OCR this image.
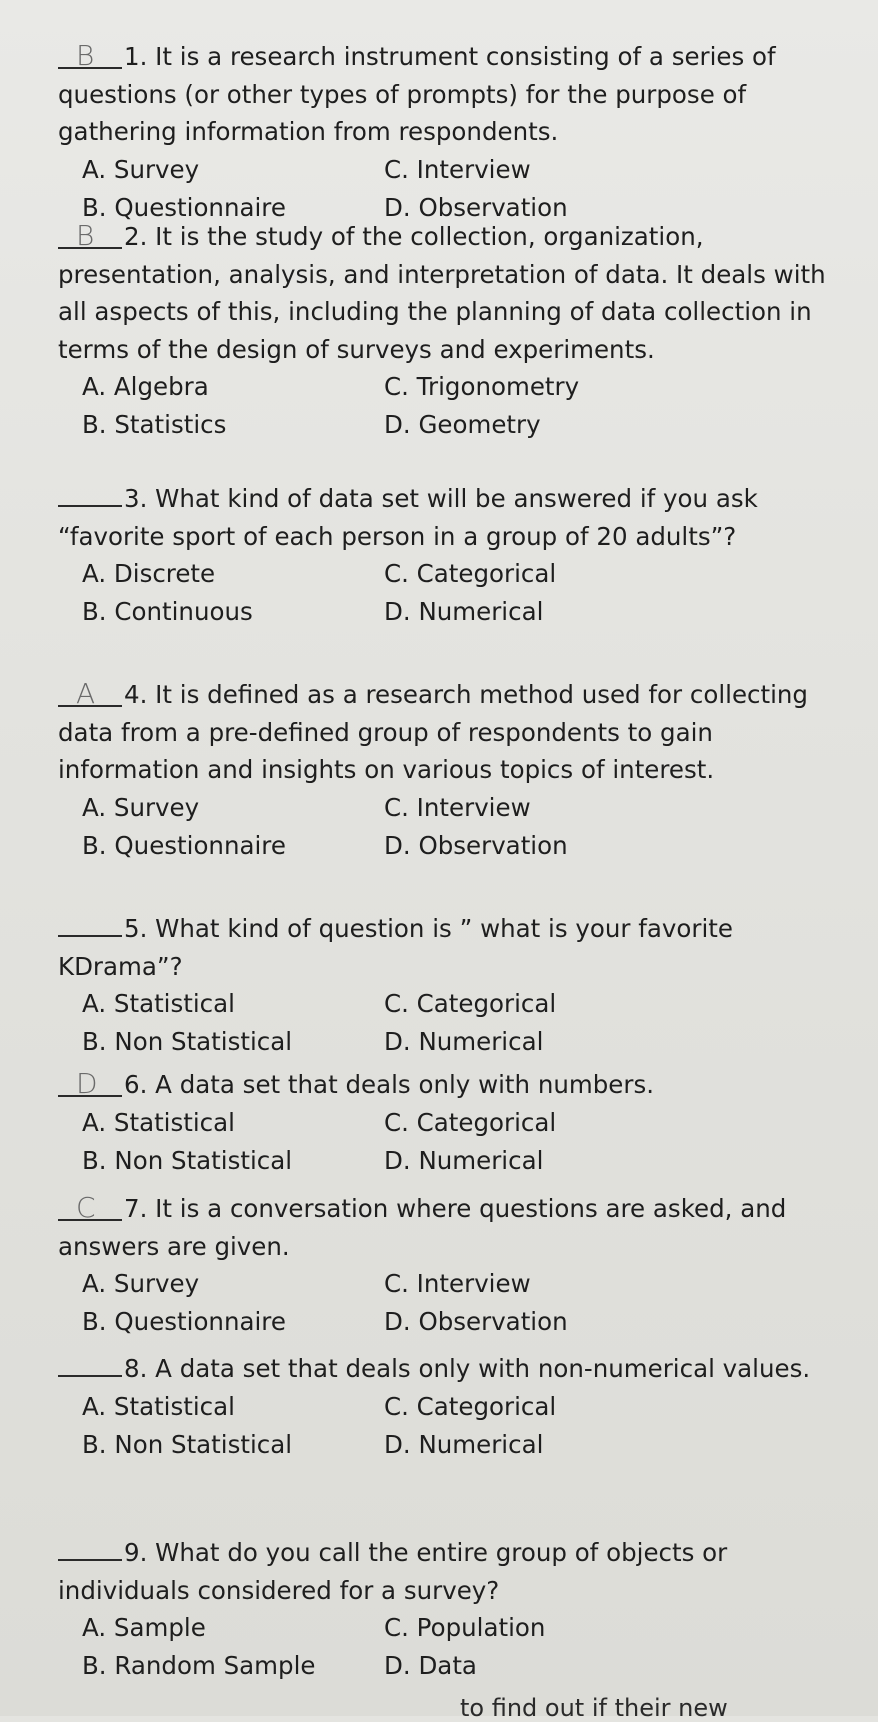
B	1. It is a research instrument consisting of a series of questions (or other types of prompts) for the purpose of gathering information from respondents.

A. Survey
B. Questionnaire
C. Interview
D. Observation

B	2. It is the study of the collection, organization, presentation, analysis, and interpretation of data. It deals with all aspects of this, including the planning of data collection in terms of the design of surveys and experiments.

A. Algebra
B. Statistics
C. Trigonometry
D. Geometry

3. What kind of data set will be answered if you ask “favorite sport of each person in a group of 20 adults”?

A. Discrete
B. Continuous
C. Categorical
D. Numerical

A	4. It is defined as a research method used for collecting data from a pre-defined group of respondents to gain information and insights on various topics of interest.

A. Survey
B. Questionnaire
C. Interview
D. Observation

5. What kind of question is ” what is your favorite KDrama”?

A. Statistical
B. Non Statistical
C. Categorical
D. Numerical

D	6. A data set that deals only with numbers.

A. Statistical
B. Non Statistical
C. Categorical
D. Numerical

C	7. It is a conversation where questions are asked, and answers are given.

A. Survey
B. Questionnaire
C. Interview
D. Observation

8. A data set that deals only with non-numerical values.

A. Statistical
B. Non Statistical
C. Categorical
D. Numerical

9. What do you call the entire group of objects or individuals considered for a survey?

A. Sample
B. Random Sample
C. Population
D. Data
to find out if their new
